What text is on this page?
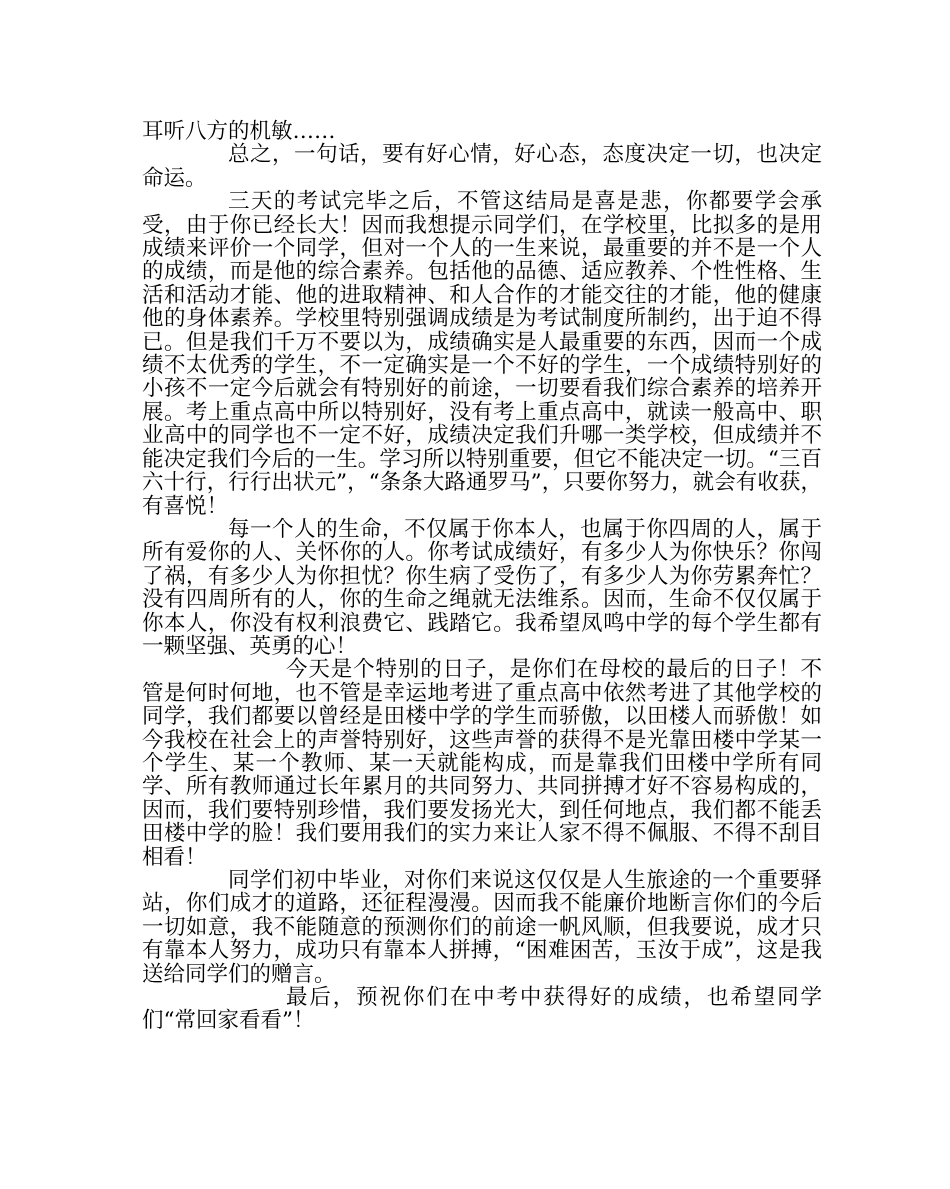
耳听八方的机敏……

总之，一句话，要有好心情，好心态，态度决定一切，也决定命运。

三天的考试完毕之后，不管这结局是喜是悲，你都要学会承受，由于你已经长大！因而我想提示同学们，在学校里，比拟多的是用成绩来评价一个同学，但对一个人的一生来说，最重要的并不是一个人的成绩，而是他的综合素养。包括他的品德、适应教养、个性性格、生活和活动才能、他的进取精神、和人合作的才能交往的才能，他的健康他的身体素养。学校里特别强调成绩是为考试制度所制约，出于迫不得已。但是我们千万不要以为，成绩确实是人最重要的东西，因而一个成绩不太优秀的学生，不一定确实是一个不好的学生，一个成绩特别好的小孩不一定今后就会有特别好的前途，一切要看我们综合素养的培养开展。考上重点高中所以特别好，没有考上重点高中，就读一般高中、职业高中的同学也不一定不好，成绩决定我们升哪一类学校，但成绩并不能决定我们今后的一生。学习所以特别重要，但它不能决定一切。“三百六十行，行行出状元”，“条条大路通罗马”，只要你努力，就会有收获，有喜悦！

每一个人的生命，不仅属于你本人，也属于你四周的人，属于所有爱你的人、关怀你的人。你考试成绩好，有多少人为你快乐？你闯了祸，有多少人为你担忧？你生病了受伤了，有多少人为你劳累奔忙？没有四周所有的人，你的生命之绳就无法维系。因而，生命不仅仅属于你本人，你没有权利浪费它、践踏它。我希望凤鸣中学的每个学生都有一颗坚强、英勇的心！

今天是个特别的日子，是你们在母校的最后的日子！不管是何时何地，也不管是幸运地考进了重点高中依然考进了其他学校的同学，我们都要以曾经是田楼中学的学生而骄傲，以田楼人而骄傲！如今我校在社会上的声誉特别好，这些声誉的获得不是光靠田楼中学某一个学生、某一个教师、某一天就能构成，而是靠我们田楼中学所有同学、所有教师通过长年累月的共同努力、共同拼搏才好不容易构成的，因而，我们要特别珍惜，我们要发扬光大，到任何地点，我们都不能丢田楼中学的脸！我们要用我们的实力来让人家不得不佩服、不得不刮目相看！

同学们初中毕业，对你们来说这仅仅是人生旅途的一个重要驿站，你们成才的道路，还征程漫漫。因而我不能廉价地断言你们的今后一切如意，我不能随意的预测你们的前途一帆风顺，但我要说，成才只有靠本人努力，成功只有靠本人拼搏，“困难困苦，玉汝于成”，这是我送给同学们的赠言。

最后，预祝你们在中考中获得好的成绩，也希望同学们“常回家看看”！
